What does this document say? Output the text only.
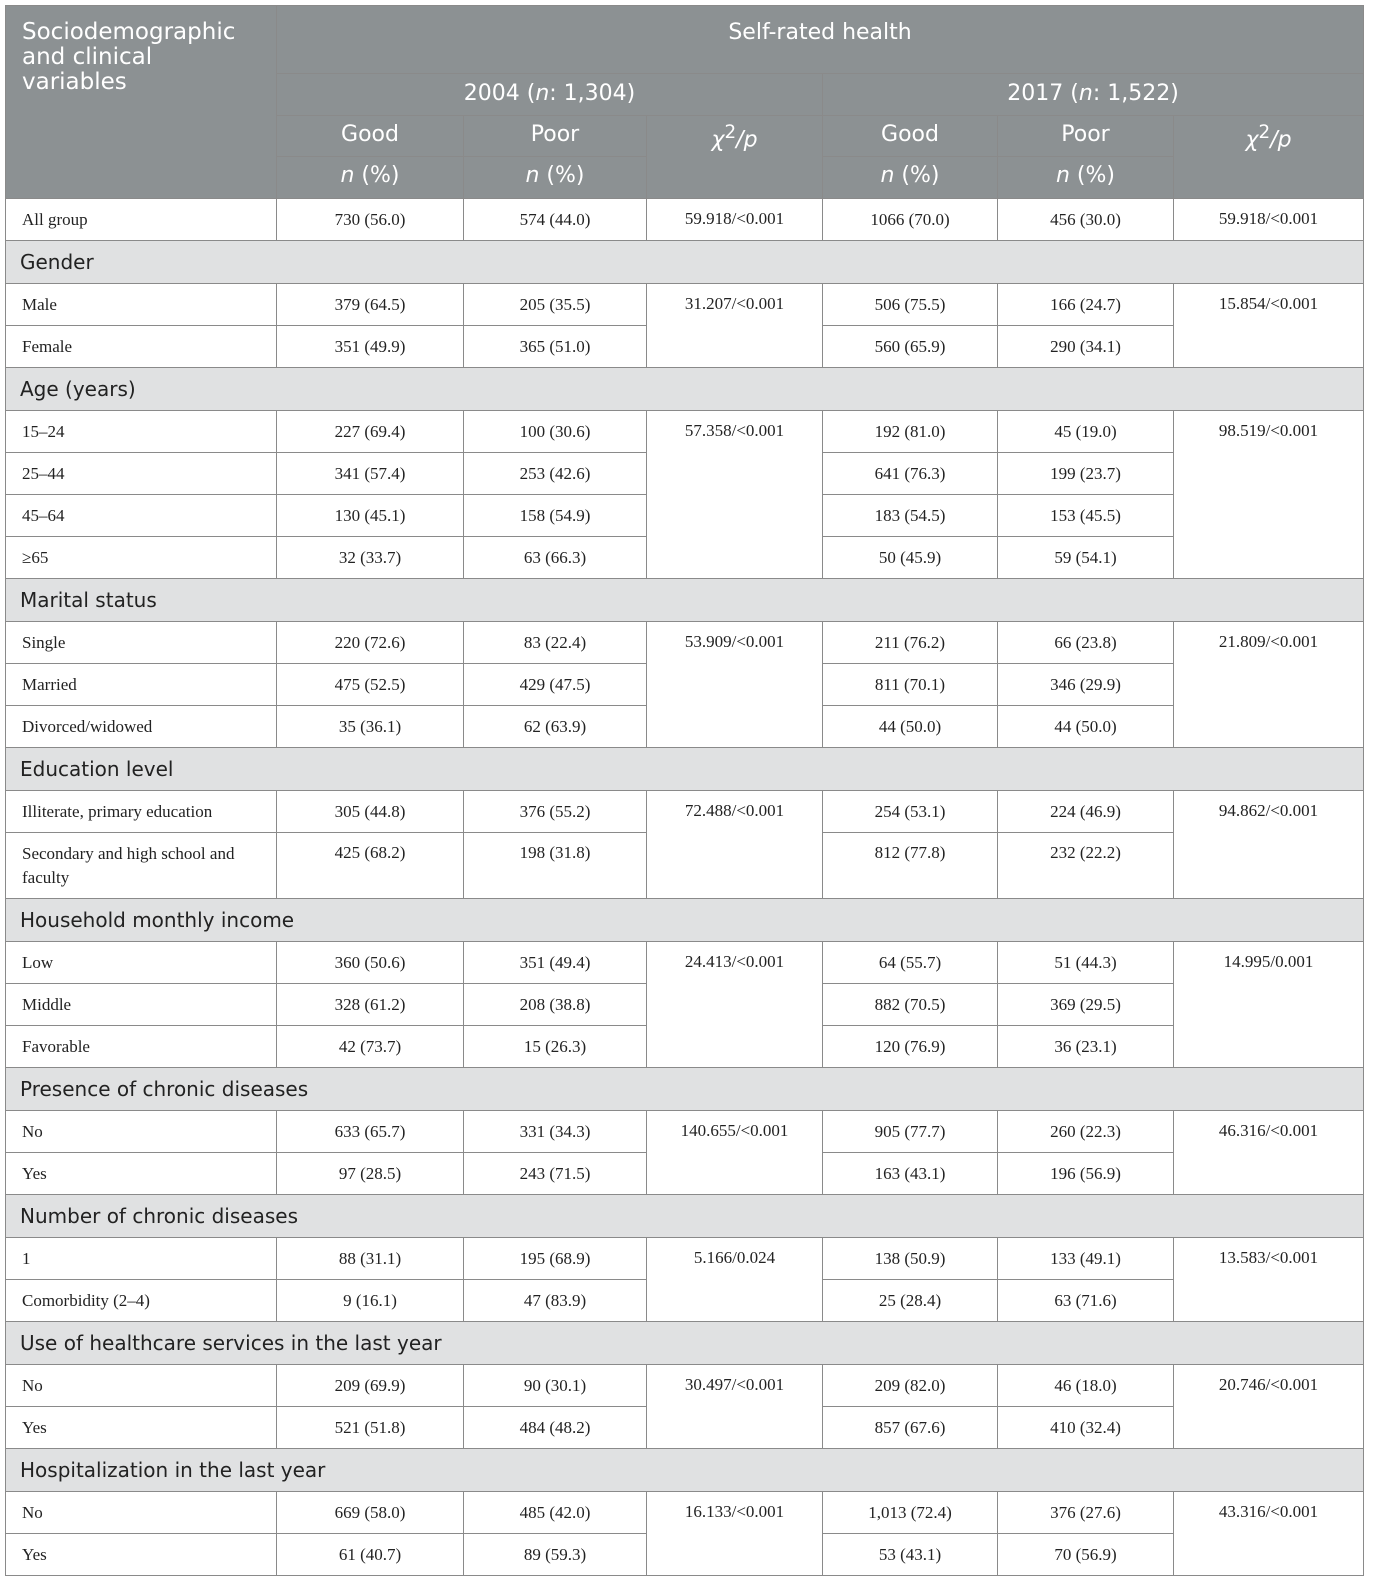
Sociodemographic and clinical variables	Self-rated health					
	2004 (n: 1,304)			2017 (n: 1,522)		
	Good	Poor	$\chi^2/p$	Good	Poor	$\chi^2/p$
	n (%)	n (%)		n (%)	n (%)	
All group	730 (56.0)	574 (44.0)	59.918/<0.001	1066 (70.0)	456 (30.0)	59.918/<0.001
Gender						
Male	379 (64.5)	205 (35.5)	31.207/<0.001	506 (75.5)	166 (24.7)	15.854/<0.001
Female	351 (49.9)	365 (51.0)		560 (65.9)	290 (34.1)	
Age (years)						
15–24	227 (69.4)	100 (30.6)	57.358/<0.001	192 (81.0)	45 (19.0)	98.519/<0.001
25–44	341 (57.4)	253 (42.6)		641 (76.3)	199 (23.7)	
45–64	130 (45.1)	158 (54.9)		183 (54.5)	153 (45.5)	
≥65	32 (33.7)	63 (66.3)		50 (45.9)	59 (54.1)	
Marital status						
Single	220 (72.6)	83 (22.4)	53.909/<0.001	211 (76.2)	66 (23.8)	21.809/<0.001
Married	475 (52.5)	429 (47.5)		811 (70.1)	346 (29.9)	
Divorced/widowed	35 (36.1)	62 (63.9)		44 (50.0)	44 (50.0)	
Education level						
Illiterate, primary education	305 (44.8)	376 (55.2)	72.488/<0.001	254 (53.1)	224 (46.9)	94.862/<0.001
Secondary and high school and faculty	425 (68.2)	198 (31.8)		812 (77.8)	232 (22.2)	
Household monthly income						
Low	360 (50.6)	351 (49.4)	24.413/<0.001	64 (55.7)	51 (44.3)	14.995/0.001
Middle	328 (61.2)	208 (38.8)		882 (70.5)	369 (29.5)	
Favorable	42 (73.7)	15 (26.3)		120 (76.9)	36 (23.1)	
Presence of chronic diseases						
No	633 (65.7)	331 (34.3)	140.655/<0.001	905 (77.7)	260 (22.3)	46.316/<0.001
Yes	97 (28.5)	243 (71.5)		163 (43.1)	196 (56.9)	
Number of chronic diseases						
1	88 (31.1)	195 (68.9)	5.166/0.024	138 (50.9)	133 (49.1)	13.583/<0.001
Comorbidity (2–4)	9 (16.1)	47 (83.9)		25 (28.4)	63 (71.6)	
Use of healthcare services in the last year						
No	209 (69.9)	90 (30.1)	30.497/<0.001	209 (82.0)	46 (18.0)	20.746/<0.001
Yes	521 (51.8)	484 (48.2)		857 (67.6)	410 (32.4)	
Hospitalization in the last year						
No	669 (58.0)	485 (42.0)	16.133/<0.001	1,013 (72.4)	376 (27.6)	43.316/<0.001
Yes	61 (40.7)	89 (59.3)		53 (43.1)	70 (56.9)	
